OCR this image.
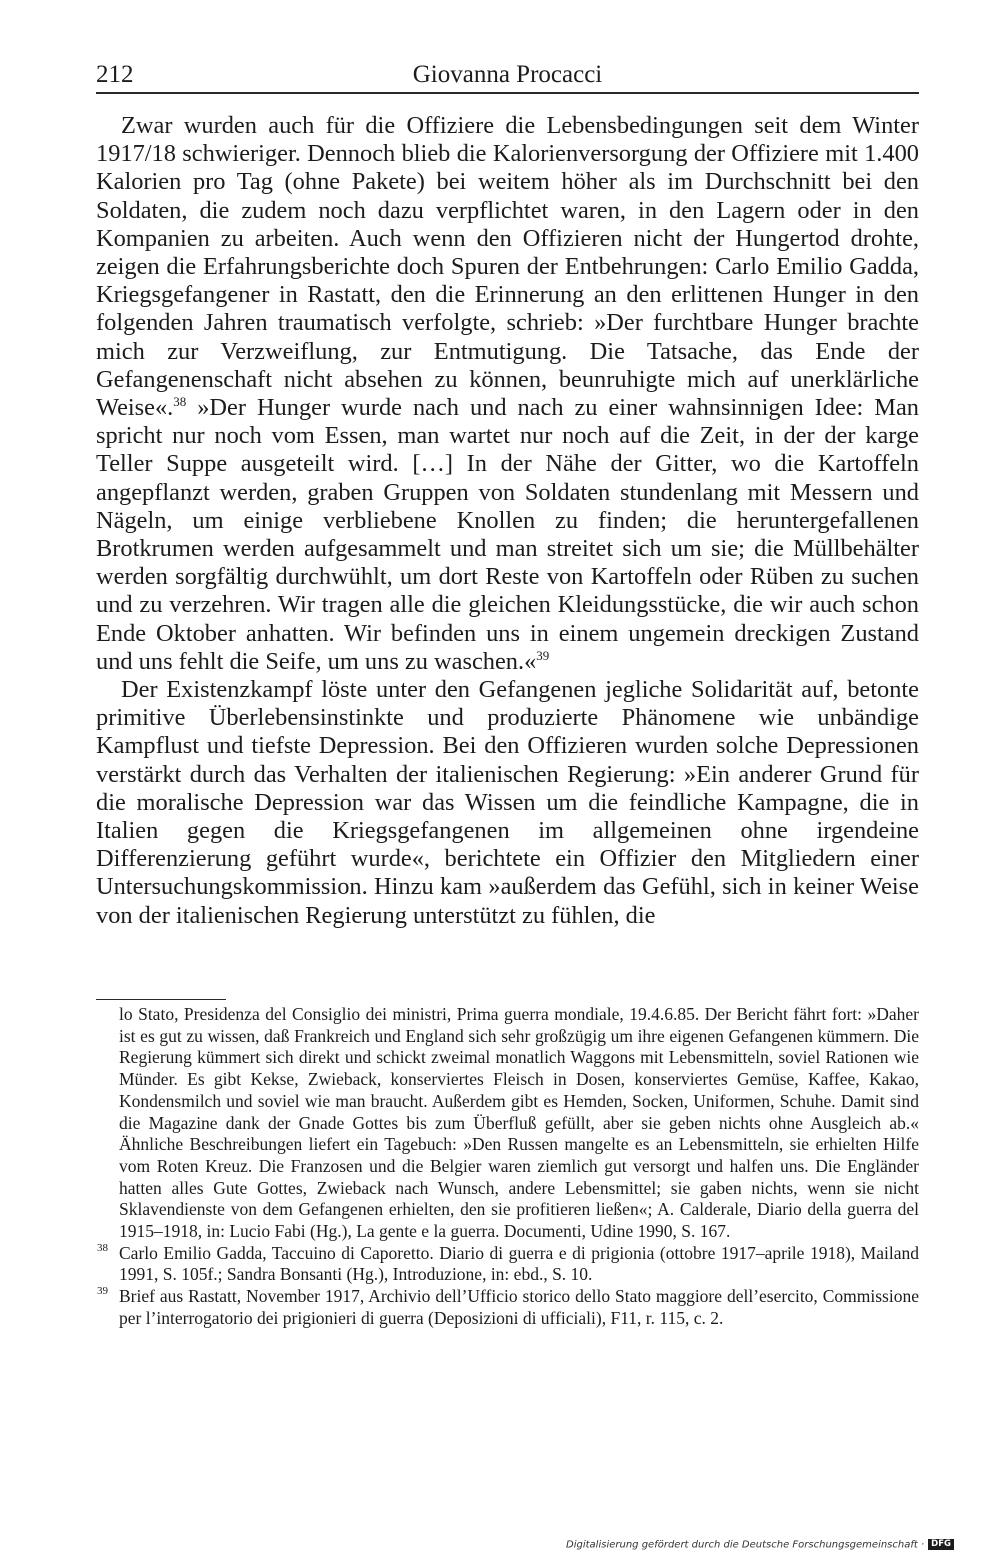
212	Giovanna Procacci

Zwar wurden auch für die Offiziere die Lebensbedingungen seit dem Winter 1917/18 schwieriger. Dennoch blieb die Kalorienversorgung der Offiziere mit 1.400 Kalorien pro Tag (ohne Pakete) bei weitem höher als im Durchschnitt bei den Soldaten, die zudem noch dazu verpflichtet waren, in den Lagern oder in den Kompanien zu arbeiten. Auch wenn den Offizieren nicht der Hungertod drohte, zeigen die Erfahrungsberichte doch Spuren der Entbehrungen: Carlo Emilio Gadda, Kriegsgefangener in Rastatt, den die Erinnerung an den erlittenen Hunger in den folgenden Jahren traumatisch verfolgte, schrieb: »Der furchtbare Hunger brachte mich zur Verzweiflung, zur Entmutigung. Die Tatsache, das Ende der Gefangenenschaft nicht absehen zu können, beunruhigte mich auf unerklärliche Weise«.$^{38}$ »Der Hunger wurde nach und nach zu einer wahnsinnigen Idee: Man spricht nur noch vom Essen, man wartet nur noch auf die Zeit, in der der karge Teller Suppe ausgeteilt wird. […] In der Nähe der Gitter, wo die Kartoffeln angepflanzt werden, graben Gruppen von Soldaten stundenlang mit Messern und Nägeln, um einige verbliebene Knollen zu finden; die heruntergefallenen Brotkrumen werden aufgesammelt und man streitet sich um sie; die Müllbehälter werden sorgfältig durchwühlt, um dort Reste von Kartoffeln oder Rüben zu suchen und zu verzehren. Wir tragen alle die gleichen Kleidungsstücke, die wir auch schon Ende Oktober anhatten. Wir befinden uns in einem ungemein dreckigen Zustand und uns fehlt die Seife, um uns zu waschen.«$^{39}$

Der Existenzkampf löste unter den Gefangenen jegliche Solidarität auf, betonte primitive Überlebensinstinkte und produzierte Phänomene wie unbändige Kampflust und tiefste Depression. Bei den Offizieren wurden solche Depressionen verstärkt durch das Verhalten der italienischen Regierung: »Ein anderer Grund für die moralische Depression war das Wissen um die feindliche Kampagne, die in Italien gegen die Kriegsgefangenen im allgemeinen ohne irgendeine Differenzierung geführt wurde«, berichtete ein Offizier den Mitgliedern einer Untersuchungskommission. Hinzu kam »außerdem das Gefühl, sich in keiner Weise von der italienischen Regierung unterstützt zu fühlen, die

lo Stato, Presidenza del Consiglio dei ministri, Prima guerra mondiale, 19.4.6.85. Der Bericht fährt fort: »Daher ist es gut zu wissen, daß Frankreich und England sich sehr großzügig um ihre eigenen Gefangenen kümmern. Die Regierung kümmert sich direkt und schickt zweimal monatlich Waggons mit Lebensmitteln, soviel Rationen wie Münder. Es gibt Kekse, Zwieback, konserviertes Fleisch in Dosen, konserviertes Gemüse, Kaffee, Kakao, Kondensmilch und soviel wie man braucht. Außerdem gibt es Hemden, Socken, Uniformen, Schuhe. Damit sind die Magazine dank der Gnade Gottes bis zum Überfluß gefüllt, aber sie geben nichts ohne Ausgleich ab.« Ähnliche Beschreibungen liefert ein Tagebuch: »Den Russen mangelte es an Lebensmitteln, sie erhielten Hilfe vom Roten Kreuz. Die Franzosen und die Belgier waren ziemlich gut versorgt und halfen uns. Die Engländer hatten alles Gute Gottes, Zwieback nach Wunsch, andere Lebensmittel; sie gaben nichts, wenn sie nicht Sklavendienste von dem Gefangenen erhielten, den sie profitieren ließen«; A. Calderale, Diario della guerra del 1915–1918, in: Lucio Fabi (Hg.), La gente e la guerra. Documenti, Udine 1990, S. 167.

38 Carlo Emilio Gadda, Taccuino di Caporetto. Diario di guerra e di prigionia (ottobre 1917–aprile 1918), Mailand 1991, S. 105f.; Sandra Bonsanti (Hg.), Introduzione, in: ebd., S. 10.

39 Brief aus Rastatt, November 1917, Archivio dell’Ufficio storico dello Stato maggiore dell’esercito, Commissione per l’interrogatorio dei prigionieri di guerra (Deposizioni di ufficiali), F11, r. 115, c. 2.

Digitalisierung gefördert durch die Deutsche Forschungsgemeinschaft · DFG
